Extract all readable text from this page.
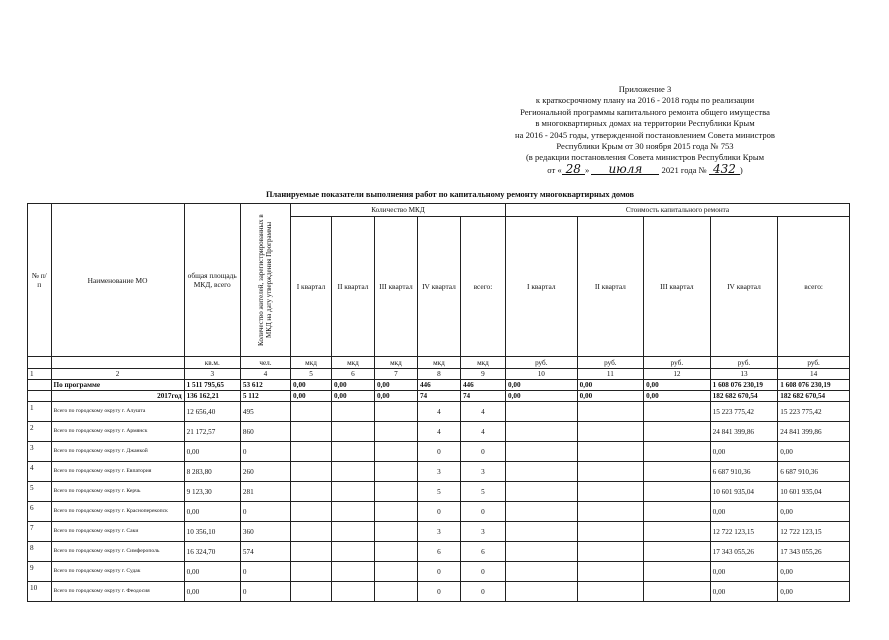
Приложение 3
к краткосрочному плану на 2016 - 2018 годы по реализации
Региональной программы капитального ремонта общего имущества
в многоквартирных домах на территории Республики Крым
на 2016 - 2045 годы, утвержденной постановлением Совета министров
Республики Крым от 30 ноября 2015 года № 753
(в редакции постановления Совета министров Республики Крым
от « 28 » июля 2021 года № 432 )
Планируемые показатели выполнения работ по капитальному ремонту многоквартирных домов
№ п/п	Наименование МО	общая площадь МКД, всего	Количество жителей, зарегистрированных в МКД на дату утверждения Программы	Количество МКД					Стоимость капитального ремонта				
				I квартал	II квартал	III квартал	IV квартал	всего:	I квартал	II квартал	III квартал	IV квартал	всего:
		кв.м.	чел.	мкд	мкд	мкд	мкд	мкд	руб.	руб.	руб.	руб.	руб.
1	2	3	4	5	6	7	8	9	10	11	12	13	14
	По программе	1 511 795,65	53 612	0,00	0,00	0,00	446	446	0,00	0,00	0,00	1 608 076 230,19	1 608 076 230,19
	2017год	136 162,21	5 112	0,00	0,00	0,00	74	74	0,00	0,00	0,00	182 682 670,54	182 682 670,54
1	Всего по городскому округу г. Алушта	12 656,40	495				4	4				15 223 775,42	15 223 775,42
2	Всего по городскому округу г. Армянск	21 172,57	860				4	4				24 841 399,86	24 841 399,86
3	Всего по городскому округу г. Джанкой	0,00	0				0	0				0,00	0,00
4	Всего по городскому округу г. Евпатория	8 283,80	260				3	3				6 687 910,36	6 687 910,36
5	Всего по городскому округу г. Керчь	9 123,30	281				5	5				10 601 935,04	10 601 935,04
6	Всего по городскому округу г. Красноперекопск	0,00	0				0	0				0,00	0,00
7	Всего по городскому округу г. Саки	10 356,10	360				3	3				12 722 123,15	12 722 123,15
8	Всего по городскому округу г. Симферополь	16 324,70	574				6	6				17 343 055,26	17 343 055,26
9	Всего по городскому округу г. Судак	0,00	0				0	0				0,00	0,00
10	Всего по городскому округу г. Феодосия	0,00	0				0	0				0,00	0,00
